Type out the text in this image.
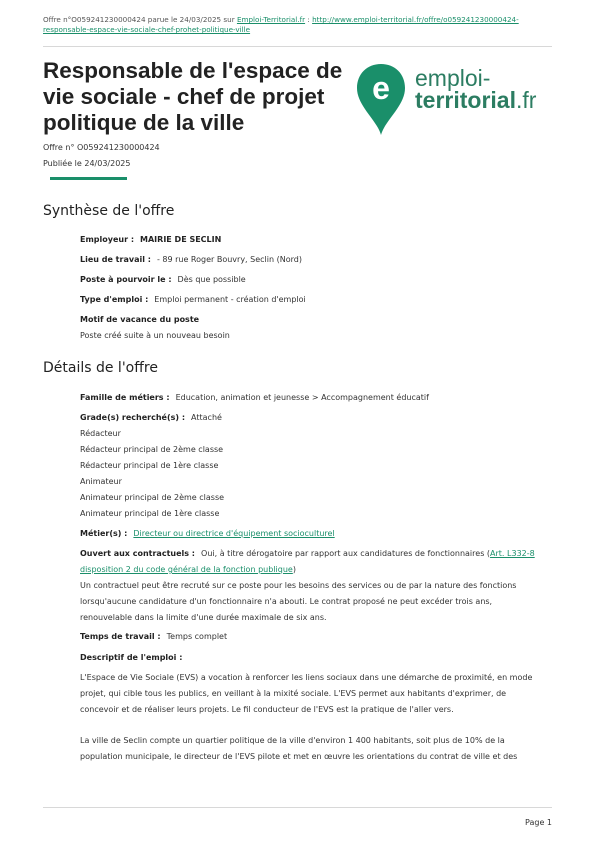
Offre n°O059241230000424 parue le 24/03/2025 sur Emploi-Territorial.fr : http://www.emploi-territorial.fr/offre/o059241230000424-
responsable-espace-vie-sociale-chef-prohet-politique-ville
Responsable de l'espace de vie sociale - chef de projet politique de la ville
e emploi-
territorial.fr
Offre n° O059241230000424
Publiée le 24/03/2025
Synthèse de l'offre
Employeur : MAIRIE DE SECLIN
Lieu de travail : - 89 rue Roger Bouvry, Seclin (Nord)
Poste à pourvoir le : Dès que possible
Type d'emploi : Emploi permanent - création d'emploi
Motif de vacance du poste
Poste créé suite à un nouveau besoin
Détails de l'offre
Famille de métiers : Education, animation et jeunesse > Accompagnement éducatif
Grade(s) recherché(s) : Attaché
Rédacteur
Rédacteur principal de 2ème classe
Rédacteur principal de 1ère classe
Animateur
Animateur principal de 2ème classe
Animateur principal de 1ère classe
Métier(s) : Directeur ou directrice d'équipement socioculturel
Ouvert aux contractuels : Oui, à titre dérogatoire par rapport aux candidatures de fonctionnaires (Art. L332-8
disposition 2 du code général de la fonction publique)
Un contractuel peut être recruté sur ce poste pour les besoins des services ou de par la nature des fonctions
lorsqu'aucune candidature d'un fonctionnaire n'a abouti. Le contrat proposé ne peut excéder trois ans,
renouvelable dans la limite d'une durée maximale de six ans.
Temps de travail : Temps complet
Descriptif de l'emploi :
L'Espace de Vie Sociale (EVS) a vocation à renforcer les liens sociaux dans une démarche de proximité, en mode
projet, qui cible tous les publics, en veillant à la mixité sociale. L'EVS permet aux habitants d'exprimer, de
concevoir et de réaliser leurs projets. Le fil conducteur de l'EVS est la pratique de l'aller vers.
La ville de Seclin compte un quartier politique de la ville d'environ 1 400 habitants, soit plus de 10% de la
population municipale, le directeur de l'EVS pilote et met en œuvre les orientations du contrat de ville et des
Page 1
